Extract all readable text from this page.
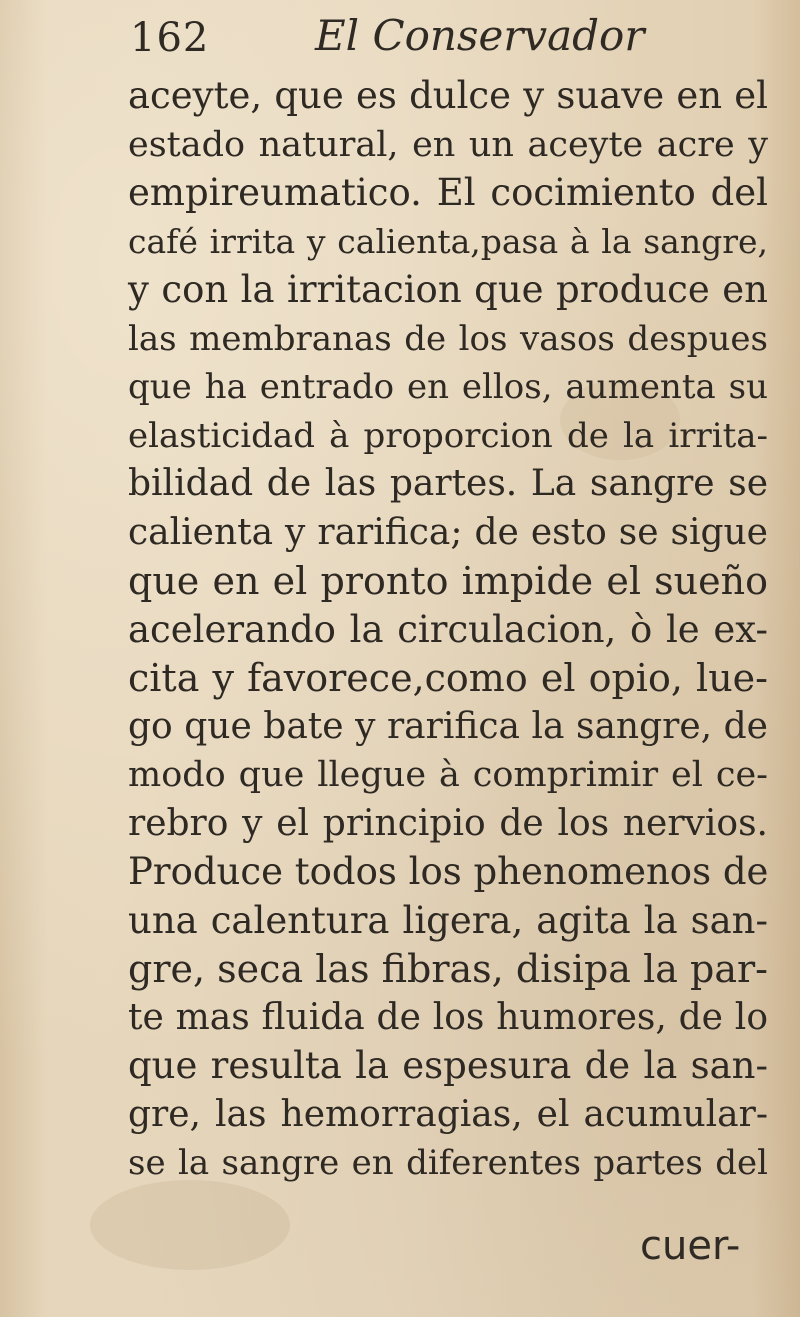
162	El Conservador
aceyte, que es dulce y suave en el
estado natural, en un aceyte acre y
empireumatico. El cocimiento del
café irrita y calienta,pasa à la sangre,
y con la irritacion que produce en
las membranas de los vasos despues
que ha entrado en ellos, aumenta su
elasticidad à proporcion de la irrita-
bilidad de las partes. La sangre se
calienta y rarifica; de esto se sigue
que en el pronto impide el sueño
acelerando la circulacion, ò le ex-
cita y favorece,como el opio, lue-
go que bate y rarifica la sangre, de
modo que llegue à comprimir el ce-
rebro y el principio de los nervios.
Produce todos los phenomenos de
una calentura ligera, agita la san-
gre, seca las fibras, disipa la par-
te mas fluida de los humores, de lo
que resulta la espesura de la san-
gre, las hemorragias, el acumular-
se la sangre en diferentes partes del
cuer-
